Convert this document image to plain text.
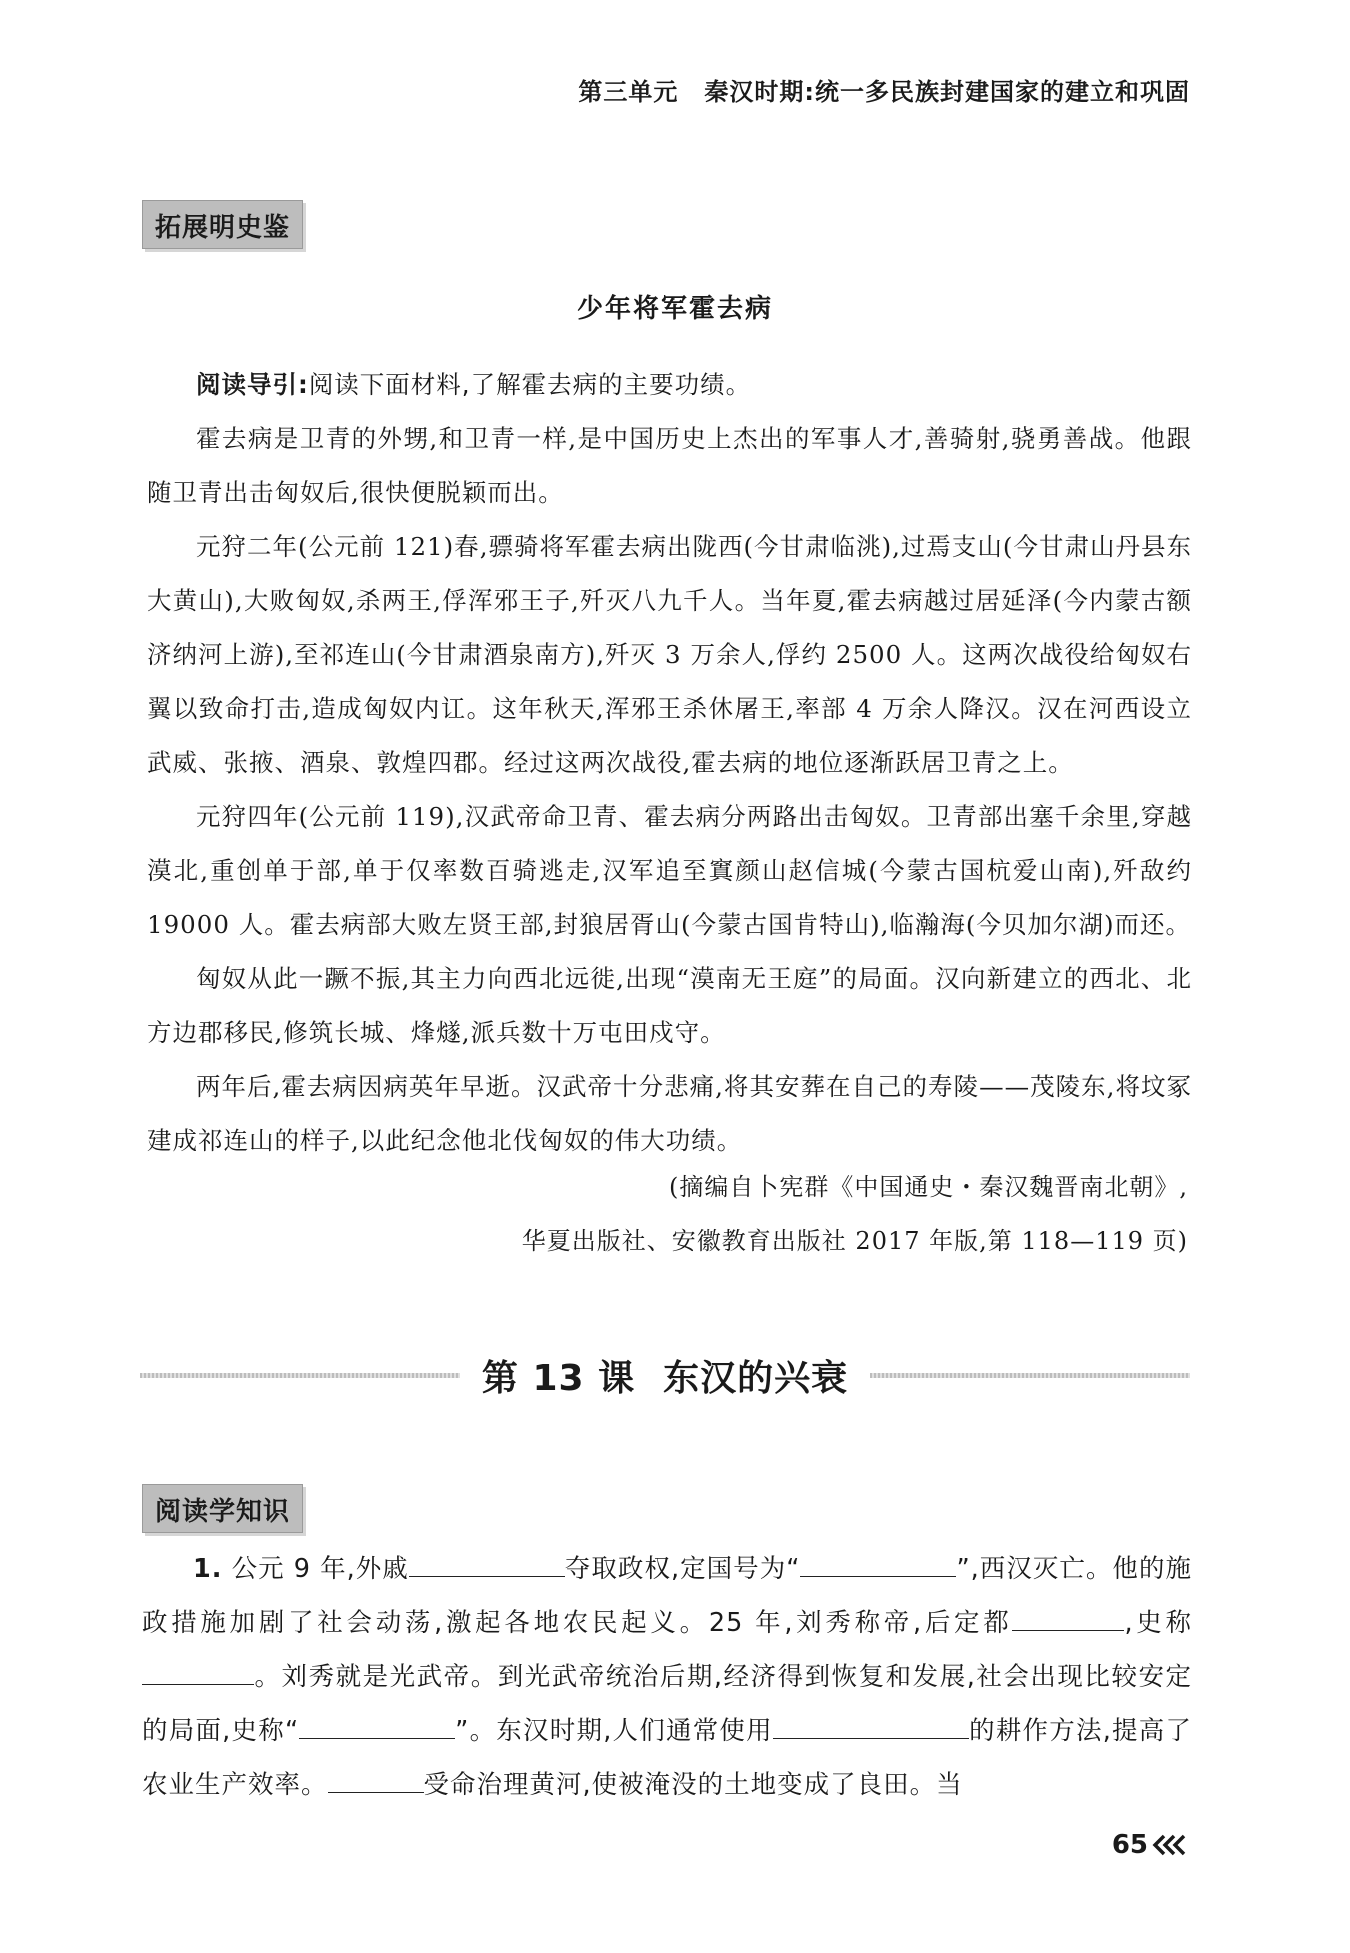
第三单元 秦汉时期:统一多民族封建国家的建立和巩固
拓展明史鉴
少年将军霍去病

阅读导引:阅读下面材料,了解霍去病的主要功绩。

霍去病是卫青的外甥,和卫青一样,是中国历史上杰出的军事人才,善骑射,骁勇善战。他跟随卫青出击匈奴后,很快便脱颖而出。

元狩二年(公元前 121)春,骠骑将军霍去病出陇西(今甘肃临洮),过焉支山(今甘肃山丹县东大黄山),大败匈奴,杀两王,俘浑邪王子,歼灭八九千人。当年夏,霍去病越过居延泽(今内蒙古额济纳河上游),至祁连山(今甘肃酒泉南方),歼灭 3 万余人,俘约 2500 人。这两次战役给匈奴右翼以致命打击,造成匈奴内讧。这年秋天,浑邪王杀休屠王,率部 4 万余人降汉。汉在河西设立武威、张掖、酒泉、敦煌四郡。经过这两次战役,霍去病的地位逐渐跃居卫青之上。

元狩四年(公元前 119),汉武帝命卫青、霍去病分两路出击匈奴。卫青部出塞千余里,穿越漠北,重创单于部,单于仅率数百骑逃走,汉军追至窴颜山赵信城(今蒙古国杭爱山南),歼敌约 19000 人。霍去病部大败左贤王部,封狼居胥山(今蒙古国肯特山),临瀚海(今贝加尔湖)而还。

匈奴从此一蹶不振,其主力向西北远徙,出现“漠南无王庭”的局面。汉向新建立的西北、北方边郡移民,修筑长城、烽燧,派兵数十万屯田戍守。

两年后,霍去病因病英年早逝。汉武帝十分悲痛,将其安葬在自己的寿陵——茂陵东,将坟冢建成祁连山的样子,以此纪念他北伐匈奴的伟大功绩。

(摘编自卜宪群《中国通史・秦汉魏晋南北朝》,
华夏出版社、安徽教育出版社 2017 年版,第 118—119 页)
第 13 课 东汉的兴衰
阅读学知识

1. 公元 9 年,外戚	夺取政权,定国号为“	”,西汉灭亡。他的施政措施加剧了社会动荡,激起各地农民起义。25 年,刘秀称帝,后定都	,史称。刘秀就是光武帝。到光武帝统治后期,经济得到恢复和发展,社会出现比较安定的局面,史称“	”。东汉时期,人们通常使用	的耕作方法,提高了农业生产效率。	受命治理黄河,使被淹没的土地变成了良田。当

65
